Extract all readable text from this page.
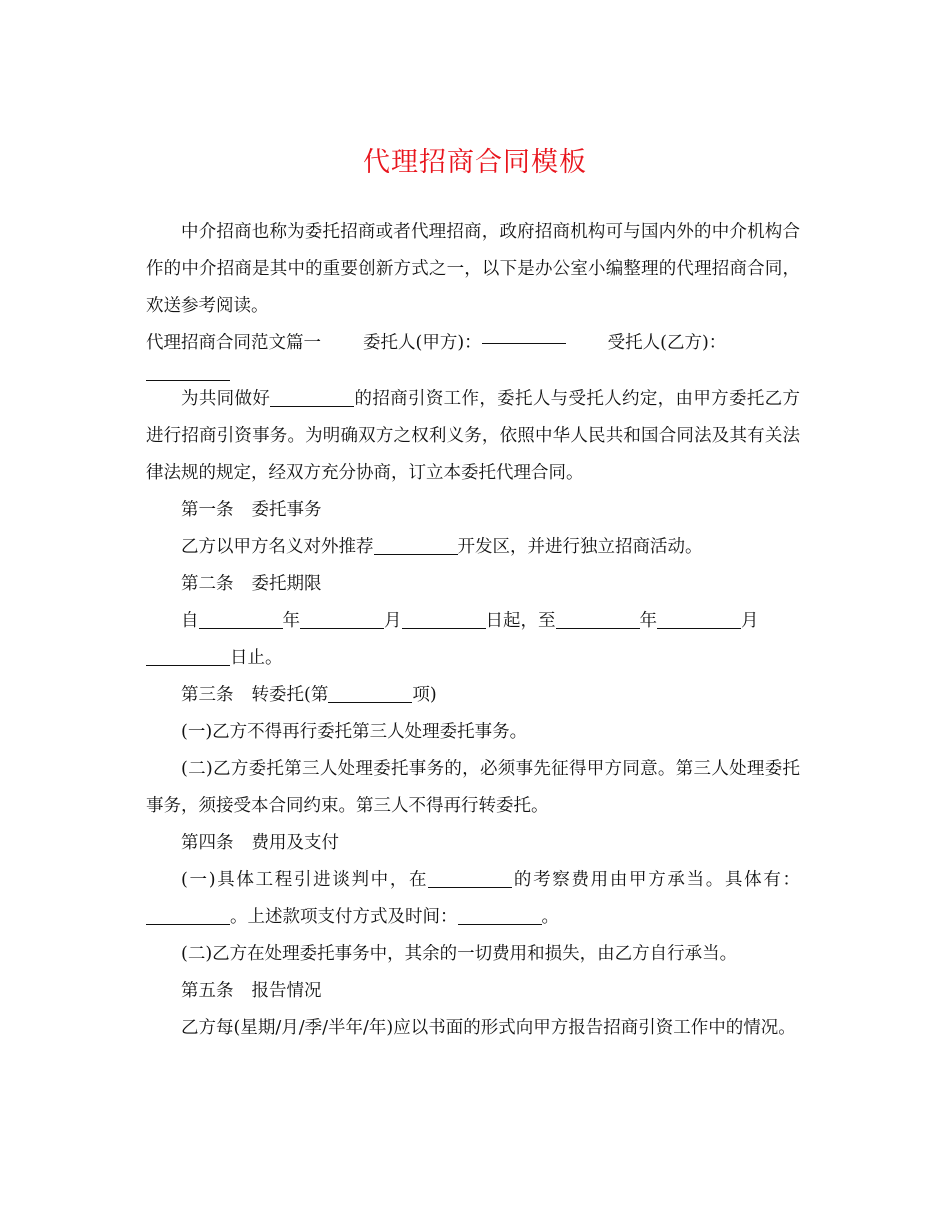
代理招商合同模板

中介招商也称为委托招商或者代理招商，政府招商机构可与国内外的中介机构合作的中介招商是其中的重要创新方式之一，以下是办公室小编整理的代理招商合同，欢送参考阅读。

代理招商合同范文篇一 委托人(甲方)：	受托人(乙方)：

为共同做好	的招商引资工作，委托人与受托人约定，由甲方委托乙方进行招商引资事务。为明确双方之权利义务，依照中华人民共和国合同法及其有关法律法规的规定，经双方充分协商，订立本委托代理合同。

第一条 委托事务

乙方以甲方名义对外推荐	开发区，并进行独立招商活动。

第二条 委托期限

自	年	月	日起，至	年	月

日止。

第三条 转委托(第	项)

(一)乙方不得再行委托第三人处理委托事务。

(二)乙方委托第三人处理委托事务的，必须事先征得甲方同意。第三人处理委托事务，须接受本合同约束。第三人不得再行转委托。

第四条 费用及支付

(一)具体工程引进谈判中，在	的考察费用由甲方承当。具体有：。上述款项支付方式及时间：	。

(二)乙方在处理委托事务中，其余的一切费用和损失，由乙方自行承当。

第五条 报告情况

乙方每(星期/月/季/半年/年)应以书面的形式向甲方报告招商引资工作中的情况。
